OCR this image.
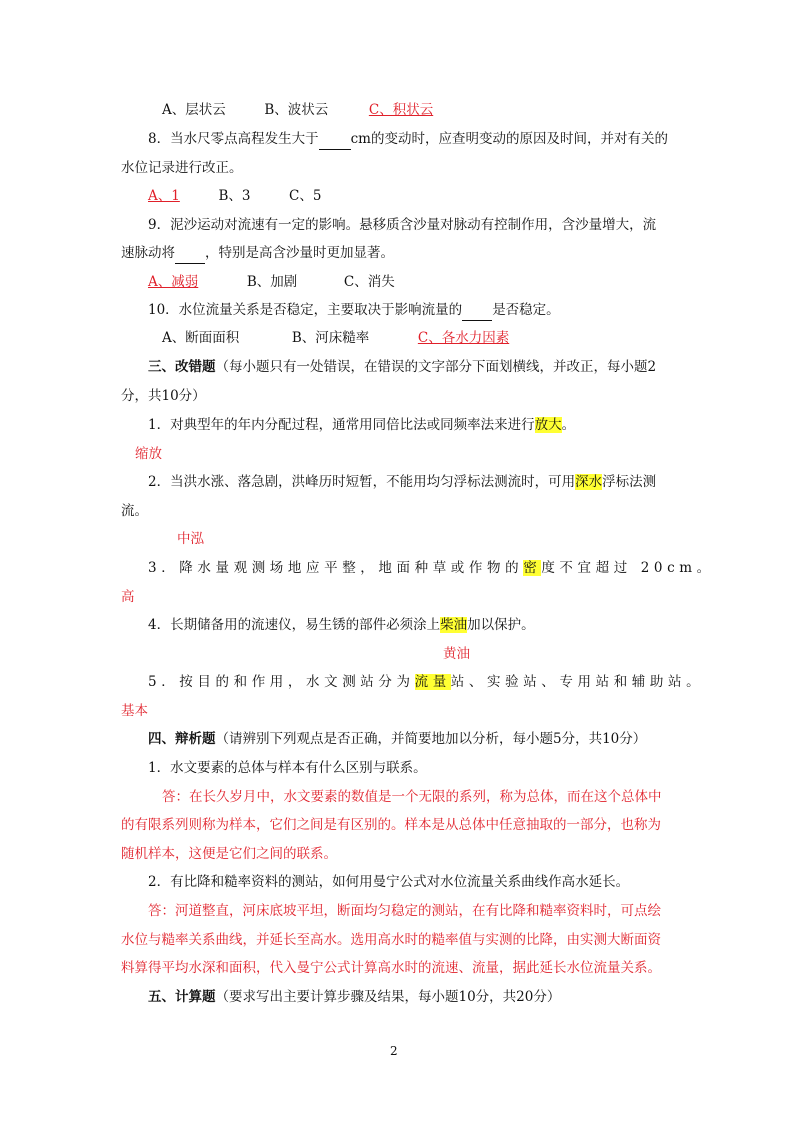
A、层状云	B、波状云	C、积状云
8．当水尺零点高程发生大于 cm的变动时，应查明变动的原因及时间，并对有关的
水位记录进行改正。
A、1	B、3	C、5
9．泥沙运动对流速有一定的影响。悬移质含沙量对脉动有控制作用，含沙量增大，流
速脉动将 ，特别是高含沙量时更加显著。
A、减弱	B、加剧	C、消失
10．水位流量关系是否稳定，主要取决于影响流量的 是否稳定。
A、断面面积	B、河床糙率	C、各水力因素
三、改错题（每小题只有一处错误，在错误的文字部分下面划横线，并改正，每小题2
分，共10分）
1．对典型年的年内分配过程，通常用同倍比法或同频率法来进行放大。
缩放
2．当洪水涨、落急剧，洪峰历时短暂，不能用均匀浮标法测流时，可用深水浮标法测
流。
中泓
3．降水量观测场地应平整，地面种草或作物的密度不宜超过 20cm。
高
4．长期储备用的流速仪，易生锈的部件必须涂上柴油加以保护。
黄油
5．按目的和作用，水文测站分为流量站、实验站、专用站和辅助站。
基本
四、辩析题（请辨别下列观点是否正确，并简要地加以分析，每小题5分，共10分）
1．水文要素的总体与样本有什么区别与联系。
答：在长久岁月中，水文要素的数值是一个无限的系列，称为总体，而在这个总体中
的有限系列则称为样本，它们之间是有区别的。样本是从总体中任意抽取的一部分，也称为
随机样本，这便是它们之间的联系。
2．有比降和糙率资料的测站，如何用曼宁公式对水位流量关系曲线作高水延长。
答：河道整直，河床底坡平坦，断面均匀稳定的测站，在有比降和糙率资料时，可点绘
水位与糙率关系曲线，并延长至高水。选用高水时的糙率值与实测的比降，由实测大断面资
料算得平均水深和面积，代入曼宁公式计算高水时的流速、流量，据此延长水位流量关系。
五、计算题（要求写出主要计算步骤及结果，每小题10分，共20分）
2
